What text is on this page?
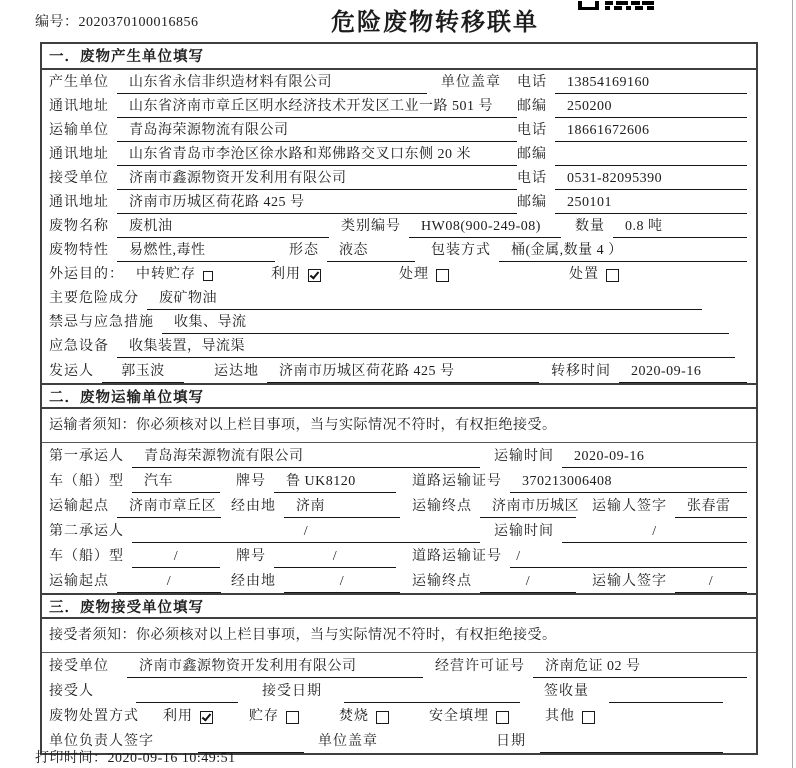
编号：2020370100016856	危险废物转移联单
一．废物产生单位填写
产生单位	山东省永信非织造材料有限公司	单位盖章 电话	13854169160
通讯地址	山东省济南市章丘区明水经济技术开发区工业一路 501 号	邮编	250200
运输单位	青岛海荣源物流有限公司	电话	18661672606
通讯地址	山东省青岛市李沧区徐水路和郑佛路交叉口东侧 20 米	邮编
接受单位	济南市鑫源物资开发利用有限公司	电话	0531-82095390
通讯地址	济南市历城区荷花路 425 号	邮编	250101
废物名称	废机油	类别编号	HW08(900-249-08)	数量	0.8 吨
废物特性	易燃性,毒性	形态	液态	包装方式	桶(金属,数量 4 ）
外运目的： 中转贮存	利用	处理	处置
主要危险成分	废矿物油
禁忌与应急措施	收集、导流
应急设备	收集装置，导流渠
发运人	郭玉波	运达地	济南市历城区荷花路 425 号	转移时间	2020-09-16
二．废物运输单位填写
运输者须知：你必须核对以上栏目事项，当与实际情况不符时，有权拒绝接受。
第一承运人	青岛海荣源物流有限公司	运输时间	2020-09-16
车（船）型	汽车	牌号	鲁 UK8120	道路运输证号	370213006408
运输起点	济南市章丘区	经由地	济南	运输终点	济南市历城区 运输人签字	张春雷
第二承运人	/	运输时间	/
车（船）型	/	牌号	/	道路运输证号	/
运输起点	/	经由地	/	运输终点	/	运输人签字	/
三．废物接受单位填写
接受者须知：你必须核对以上栏目事项，当与实际情况不符时，有权拒绝接受。
接受单位	济南市鑫源物资开发利用有限公司	经营许可证号	济南危证 02 号
接受人	接受日期	签收量
废物处置方式 利用	贮存	焚烧	安全填埋	其他
单位负责人签字	单位盖章	日期
打印时间：2020-09-16 10:49:51
